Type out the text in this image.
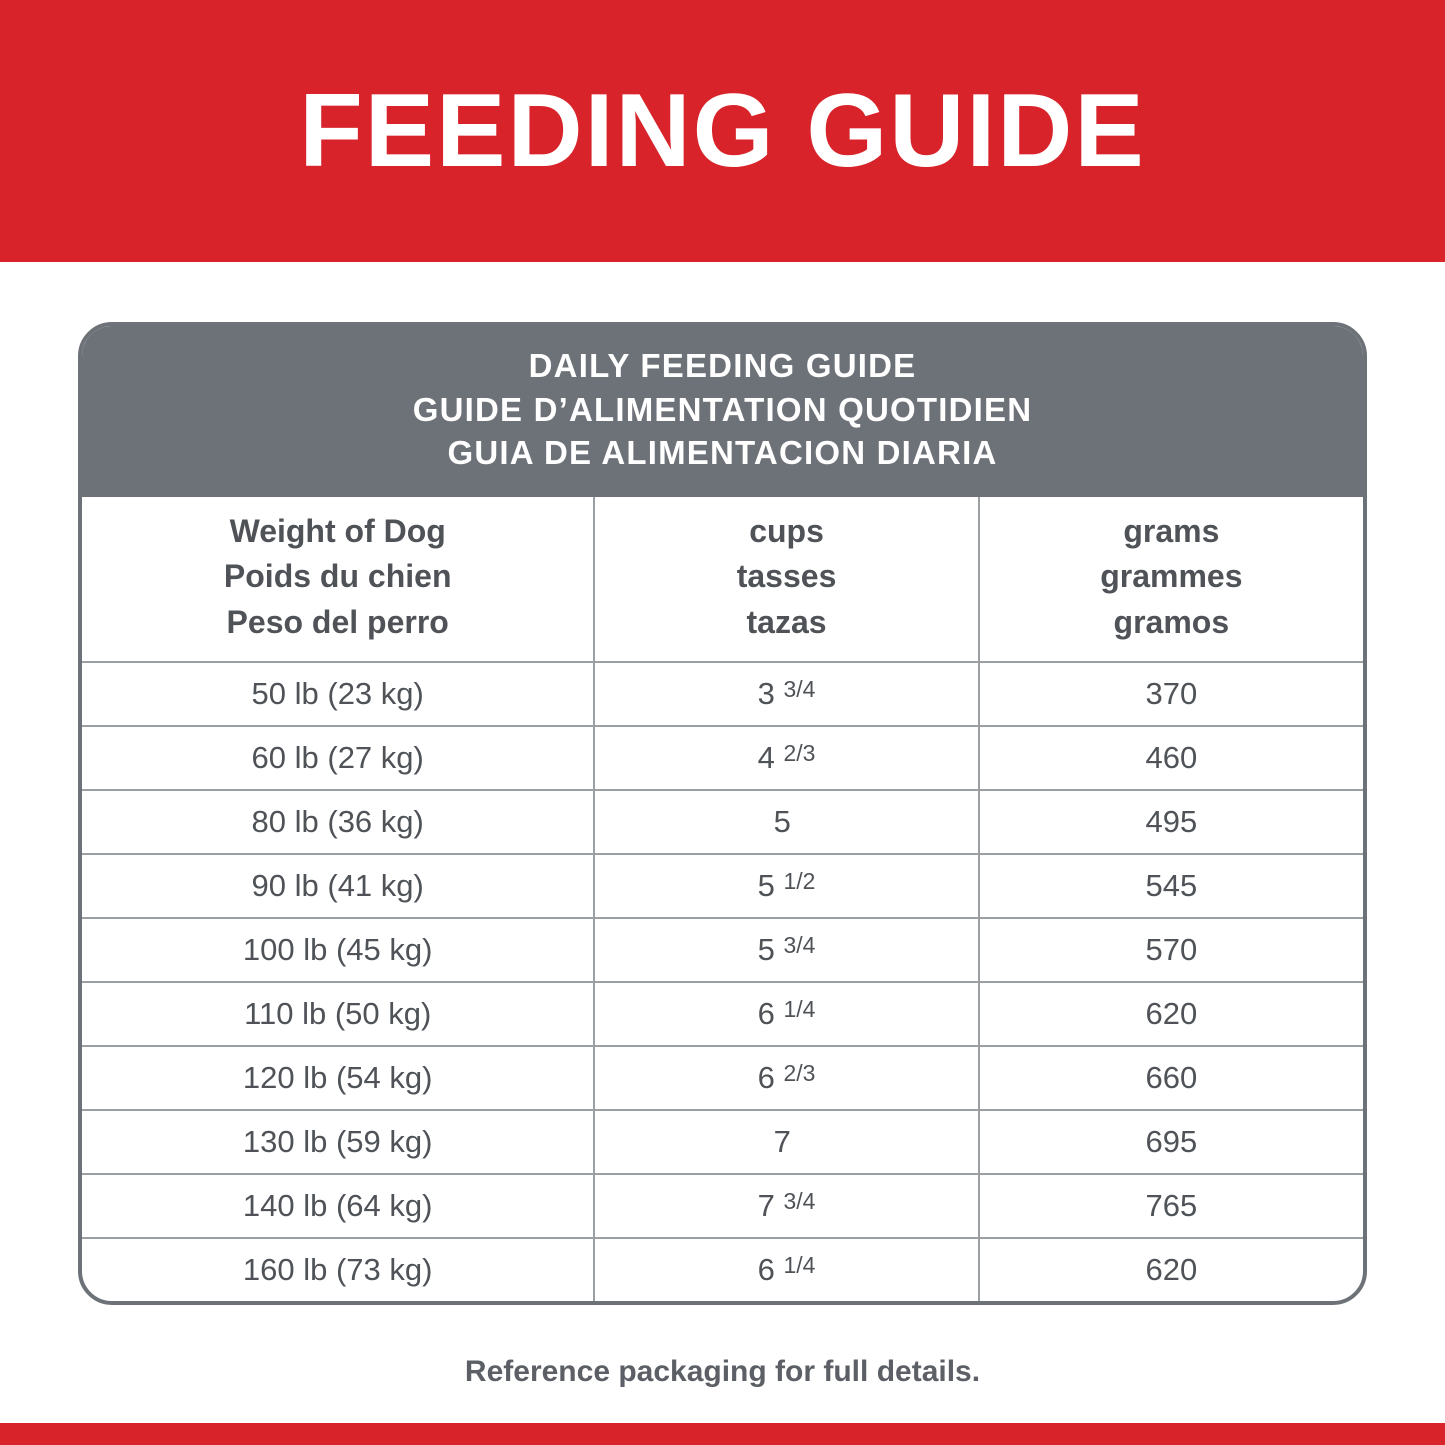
FEEDING GUIDE
DAILY FEEDING GUIDE
GUIDE D’ALIMENTATION QUOTIDIEN
GUIA DE ALIMENTACION DIARIA
Weight of Dog
Poids du chien
Peso del perro

cups
tasses
tazas

grams
grammes
gramos

50 lb (23 kg)	3 3/4	370
60 lb (27 kg)	4 2/3	460
80 lb (36 kg)	5	495
90 lb (41 kg)	5 1/2	545
100 lb (45 kg)	5 3/4	570
110 lb (50 kg)	6 1/4	620
120 lb (54 kg)	6 2/3	660
130 lb (59 kg)	7	695
140 lb (64 kg)	7 3/4	765
160 lb (73 kg)	6 1/4	620
Reference packaging for full details.
